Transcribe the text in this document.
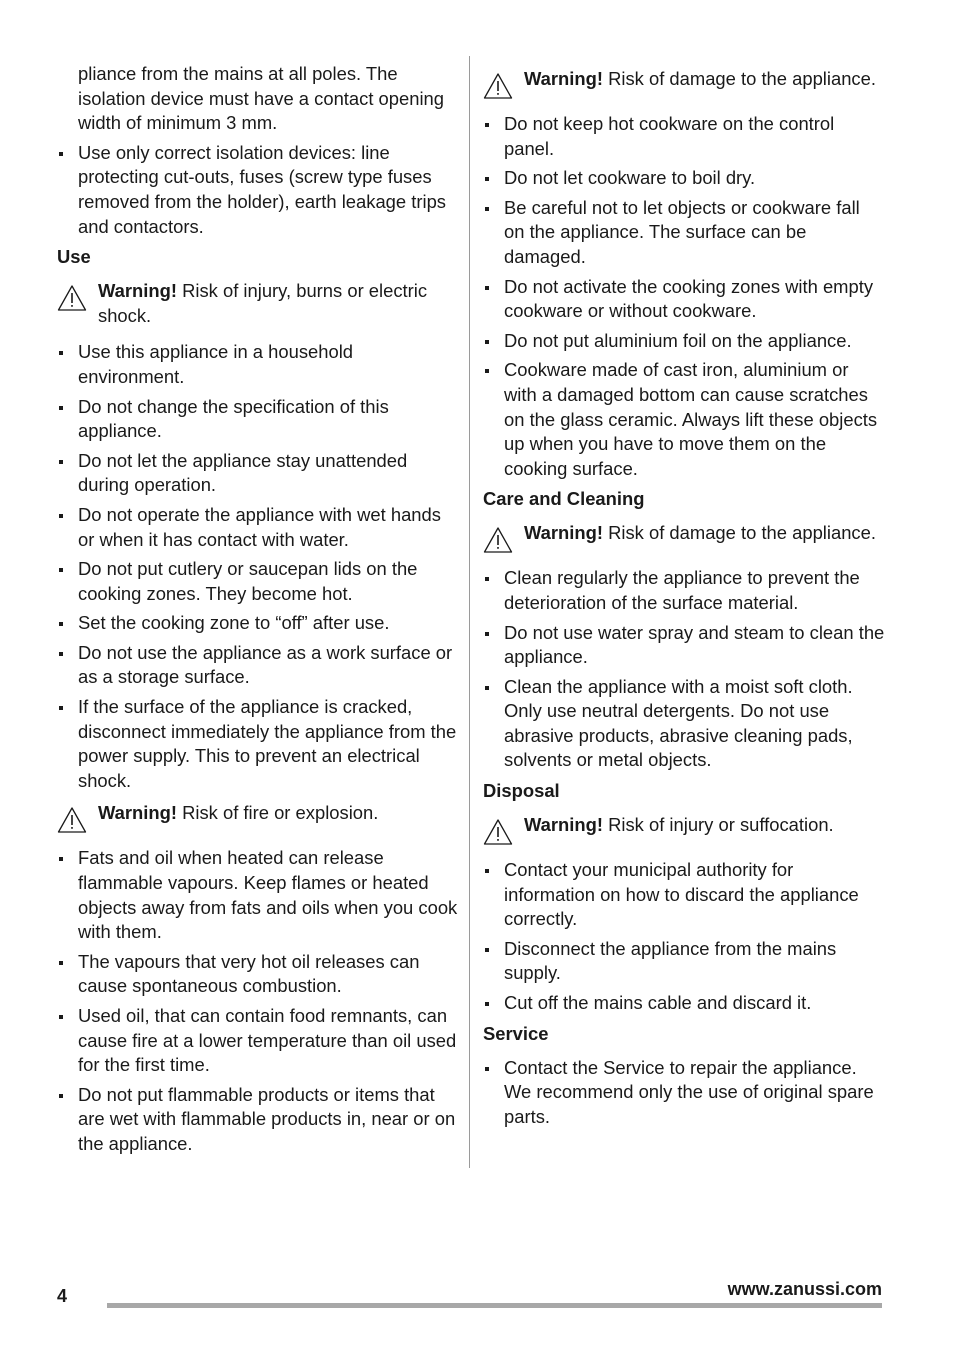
pliance from the mains at all poles. The isolation device must have a contact opening width of minimum 3 mm.

Use only correct isolation devices: line protecting cut-outs, fuses (screw type fuses removed from the holder), earth leakage trips and contactors.
Use
Warning! Risk of injury, burns or electric shock.
Use this appliance in a household environment.
Do not change the specification of this appliance.
Do not let the appliance stay unattended during operation.
Do not operate the appliance with wet hands or when it has contact with water.
Do not put cutlery or saucepan lids on the cooking zones. They become hot.
Set the cooking zone to “off” after use.
Do not use the appliance as a work surface or as a storage surface.
If the surface of the appliance is cracked, disconnect immediately the appliance from the power supply. This to prevent an electrical shock.
Warning! Risk of fire or explosion.
Fats and oil when heated can release flammable vapours. Keep flames or heated objects away from fats and oils when you cook with them.
The vapours that very hot oil releases can cause spontaneous combustion.
Used oil, that can contain food remnants, can cause fire at a lower temperature than oil used for the first time.
Do not put flammable products or items that are wet with flammable products in, near or on the appliance.
Warning! Risk of damage to the appliance.
Do not keep hot cookware on the control panel.
Do not let cookware to boil dry.
Be careful not to let objects or cookware fall on the appliance. The surface can be damaged.
Do not activate the cooking zones with empty cookware or without cookware.
Do not put aluminium foil on the appliance.
Cookware made of cast iron, aluminium or with a damaged bottom can cause scratches on the glass ceramic. Always lift these objects up when you have to move them on the cooking surface.
Care and Cleaning
Warning! Risk of damage to the appliance.
Clean regularly the appliance to prevent the deterioration of the surface material.
Do not use water spray and steam to clean the appliance.
Clean the appliance with a moist soft cloth. Only use neutral detergents. Do not use abrasive products, abrasive cleaning pads, solvents or metal objects.
Disposal
Warning! Risk of injury or suffocation.
Contact your municipal authority for information on how to discard the appliance correctly.
Disconnect the appliance from the mains supply.
Cut off the mains cable and discard it.
Service
Contact the Service to repair the appliance. We recommend only the use of original spare parts.
4	www.zanussi.com
